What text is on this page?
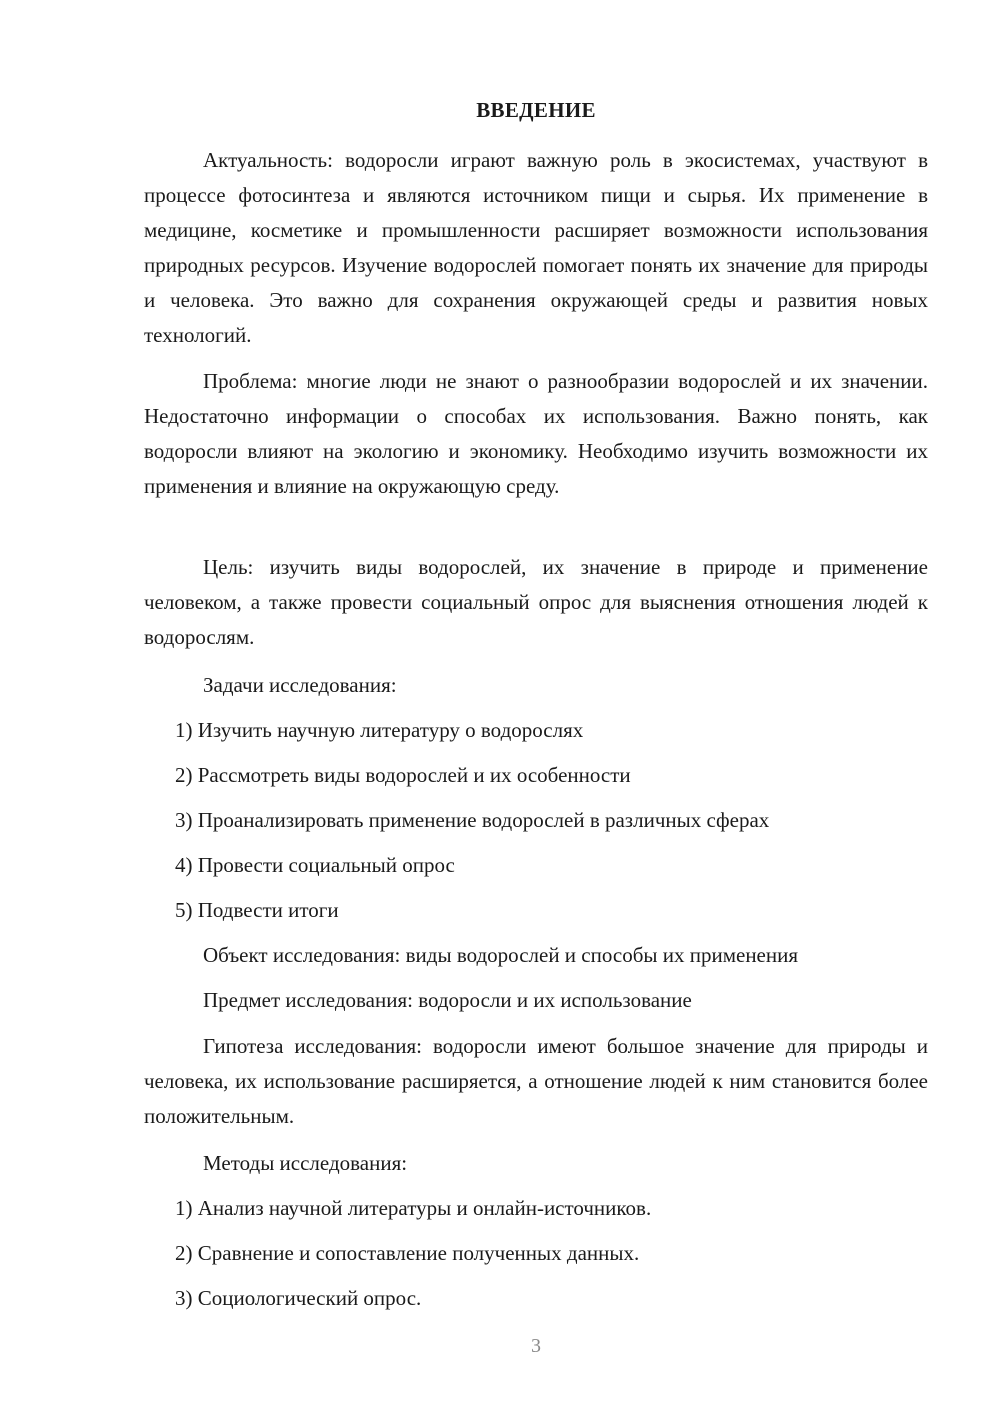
ВВЕДЕНИЕ

Актуальность: водоросли играют важную роль в экосистемах, участвуют в процессе фотосинтеза и являются источником пищи и сырья. Их применение в медицине, косметике и промышленности расширяет возможности использования природных ресурсов. Изучение водорослей помогает понять их значение для природы и человека. Это важно для сохранения окружающей среды и развития новых технологий.

Проблема: многие люди не знают о разнообразии водорослей и их значении. Недостаточно информации о способах их использования. Важно понять, как водоросли влияют на экологию и экономику. Необходимо изучить возможности их применения и влияние на окружающую среду.

Цель: изучить виды водорослей, их значение в природе и применение человеком, а также провести социальный опрос для выяснения отношения людей к водорослям.

Задачи исследования:
1) Изучить научную литературу о водорослях
2) Рассмотреть виды водорослей и их особенности
3) Проанализировать применение водорослей в различных сферах
4) Провести социальный опрос
5) Подвести итоги
Объект исследования: виды водорослей и способы их применения
Предмет исследования: водоросли и их использование

Гипотеза исследования: водоросли имеют большое значение для природы и человека, их использование расширяется, а отношение людей к ним становится более положительным.

Методы исследования:
1) Анализ научной литературы и онлайн-источников.
2) Сравнение и сопоставление полученных данных.
3) Социологический опрос.
3
